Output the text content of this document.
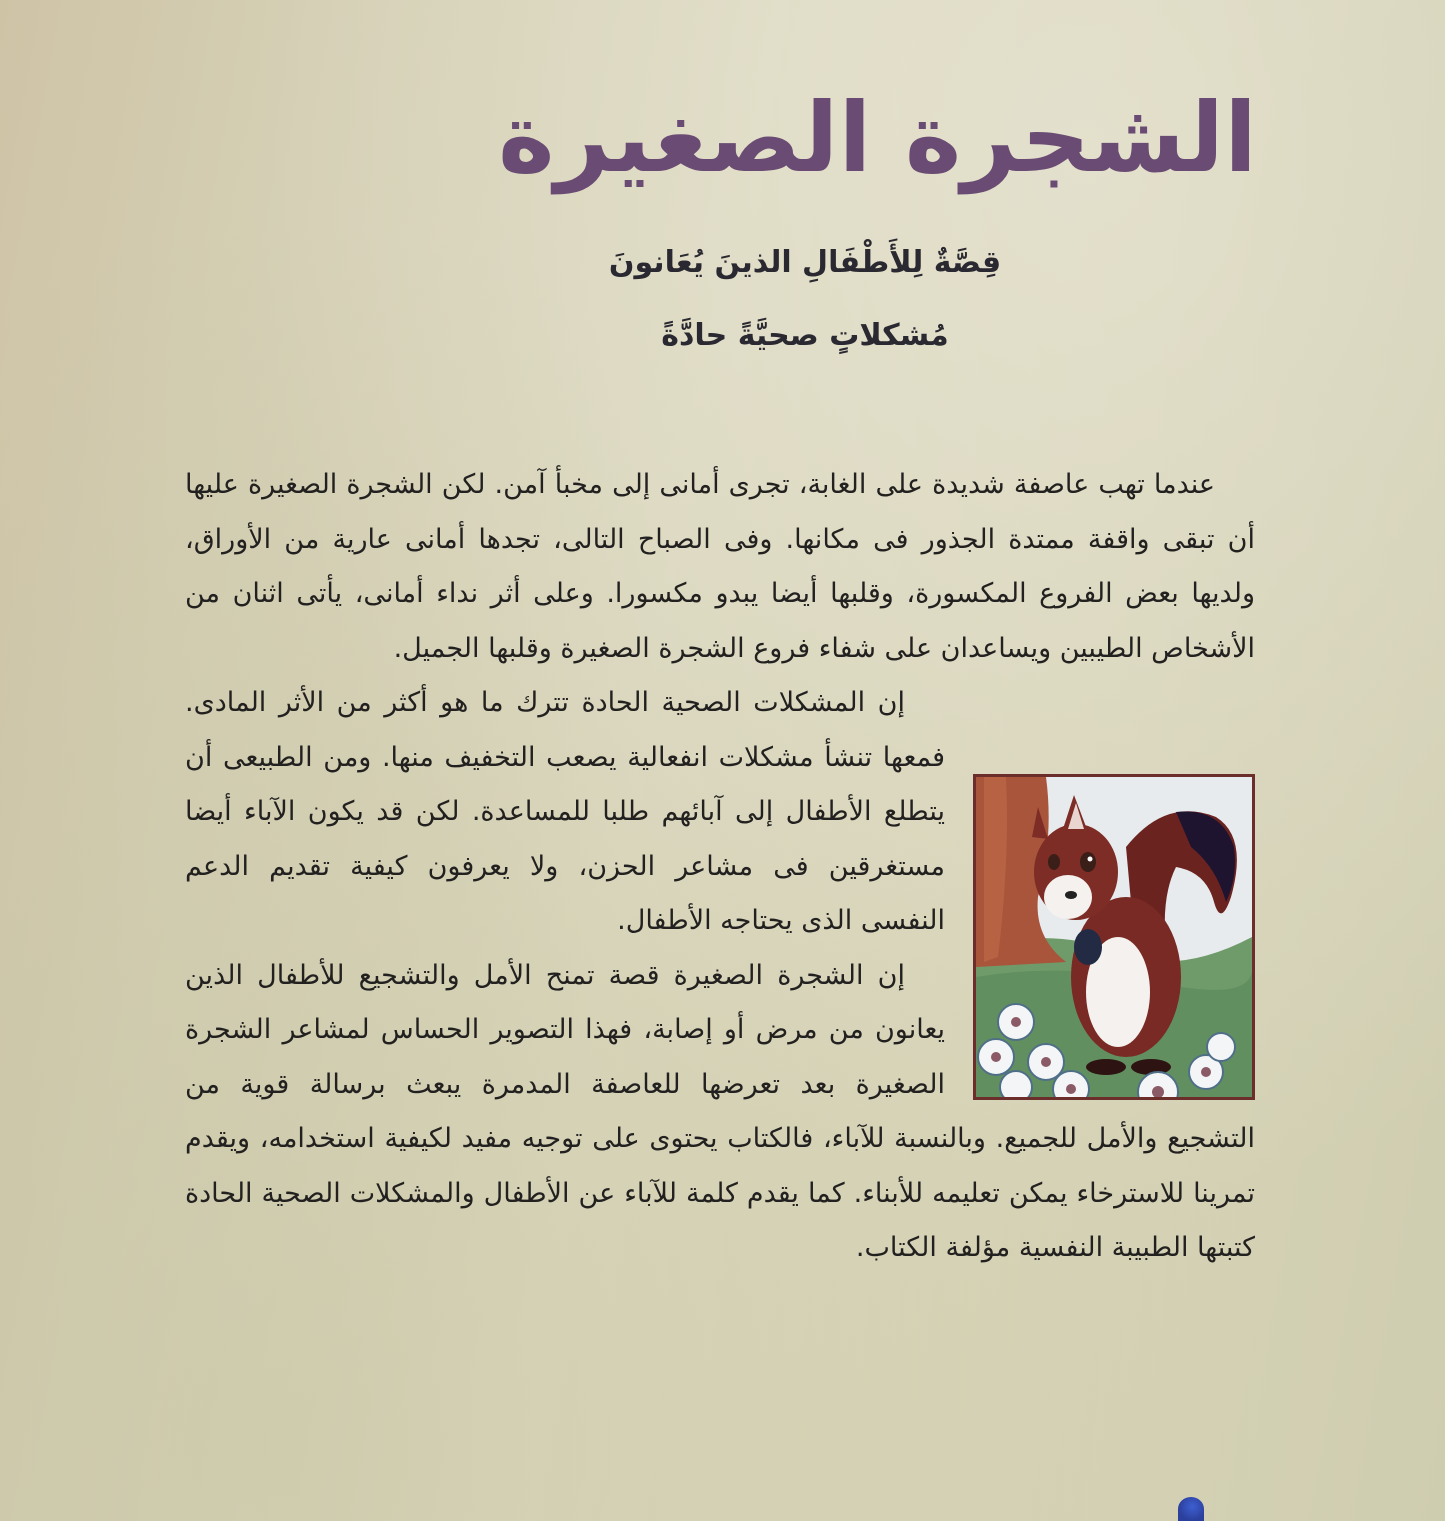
الشجرة الصغيرة
قِصَّةٌ لِلأَطْفَالِ الذينَ يُعَانونَ
مُشكلاتٍ صحيَّةً حادَّةً

عندما تهب عاصفة شديدة على الغابة، تجرى أمانى إلى مخبأ آمن. لكن الشجرة الصغيرة عليها أن تبقى واقفة ممتدة الجذور فى مكانها. وفى الصباح التالى، تجدها أمانى عارية من الأوراق، ولديها بعض الفروع المكسورة، وقلبها أيضا يبدو مكسورا. وعلى أثر نداء أمانى، يأتى اثنان من الأشخاص الطيبين ويساعدان على شفاء فروع الشجرة الصغيرة وقلبها الجميل.

إن المشكلات الصحية الحادة تترك ما هو أكثر من الأثر المادى. فمعها تنشأ مشكلات انفعالية يصعب التخفيف منها. ومن الطبيعى أن يتطلع الأطفال إلى آبائهم طلبا للمساعدة. لكن قد يكون الآباء أيضا مستغرقين فى مشاعر الحزن، ولا يعرفون كيفية تقديم الدعم النفسى الذى يحتاجه الأطفال.

إن الشجرة الصغيرة قصة تمنح الأمل والتشجيع للأطفال الذين يعانون من مرض أو إصابة، فهذا التصوير الحساس لمشاعر الشجرة الصغيرة بعد تعرضها للعاصفة المدمرة يبعث برسالة قوية من التشجيع والأمل للجميع. وبالنسبة للآباء، فالكتاب يحتوى على توجيه مفيد لكيفية استخدامه، ويقدم تمرينا للاسترخاء يمكن تعليمه للأبناء. كما يقدم كلمة للآباء عن الأطفال والمشكلات الصحية الحادة كتبتها الطبيبة النفسية مؤلفة الكتاب.
